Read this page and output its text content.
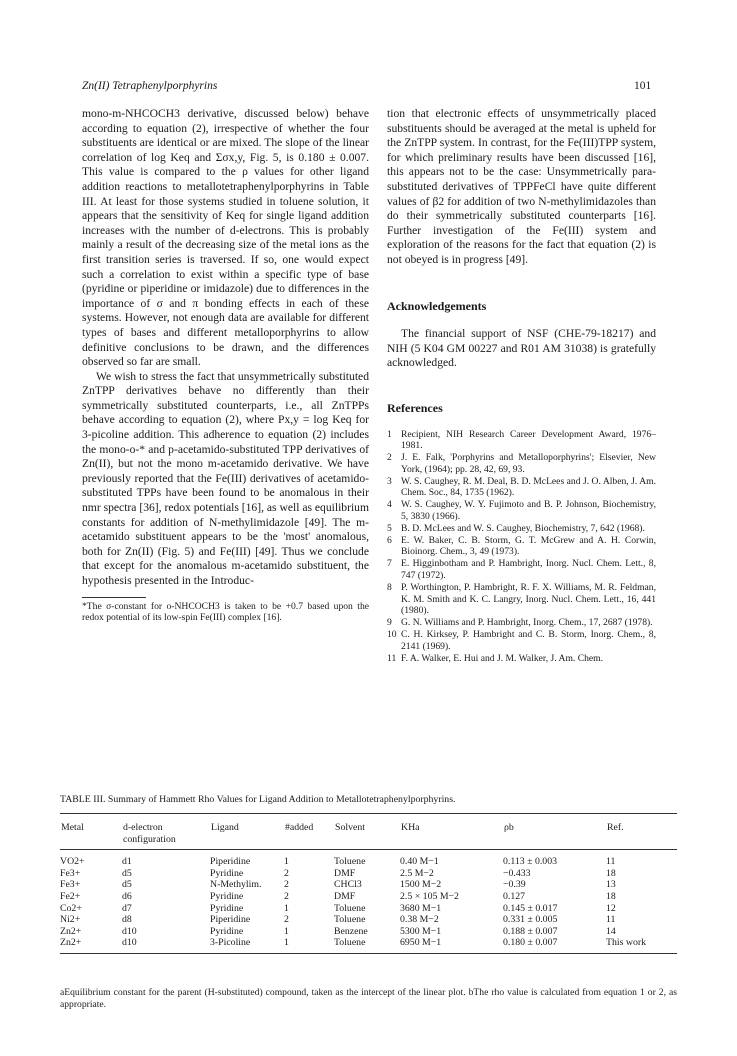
Zn(II) Tetraphenylporphyrins	101

mono-m-NHCOCH3 derivative, discussed below) behave according to equation (2), irrespective of whether the four substituents are identical or are mixed. The slope of the linear correlation of log Keq and Σσx,y, Fig. 5, is 0.180 ± 0.007. This value is compared to the ρ values for other ligand addition reactions to metallotetraphenylporphyrins in Table III. At least for those systems studied in toluene solution, it appears that the sensitivity of Keq for single ligand addition increases with the number of d-electrons. This is probably mainly a result of the decreasing size of the metal ions as the first transition series is traversed. If so, one would expect such a correlation to exist within a specific type of base (pyridine or piperidine or imidazole) due to differences in the importance of σ and π bonding effects in each of these systems. However, not enough data are available for different types of bases and different metalloporphyrins to allow definitive conclusions to be drawn, and the differences observed so far are small.

We wish to stress the fact that unsymmetrically substituted ZnTPP derivatives behave no differently than their symmetrically substituted counterparts, i.e., all ZnTPPs behave according to equation (2), where Px,y = log Keq for 3-picoline addition. This adherence to equation (2) includes the mono-o-* and p-acetamido-substituted TPP derivatives of Zn(II), but not the mono m-acetamido derivative. We have previously reported that the Fe(III) derivatives of acetamido-substituted TPPs have been found to be anomalous in their nmr spectra [36], redox potentials [16], as well as equilibrium constants for addition of N-methylimidazole [49]. The m-acetamido substituent appears to be the 'most' anomalous, both for Zn(II) (Fig. 5) and Fe(III) [49]. Thus we conclude that except for the anomalous m-acetamido substituent, the hypothesis presented in the Introduc-

*The σ-constant for o-NHCOCH3 is taken to be +0.7 based upon the redox potential of its low-spin Fe(III) complex [16].

tion that electronic effects of unsymmetrically placed substituents should be averaged at the metal is upheld for the ZnTPP system. In contrast, for the Fe(III)TPP system, for which preliminary results have been discussed [16], this appears not to be the case: Unsymmetrically para-substituted derivatives of TPPFeCl have quite different values of β2 for addition of two N-methylimidazoles than do their symmetrically substituted counterparts [16]. Further investigation of the Fe(III) system and exploration of the reasons for the fact that equation (2) is not obeyed is in progress [49].

Acknowledgements

The financial support of NSF (CHE-79-18217) and NIH (5 K04 GM 00227 and R01 AM 31038) is gratefully acknowledged.

References

1 Recipient, NIH Research Career Development Award, 1976–1981.
2 J. E. Falk, 'Porphyrins and Metalloporphyrins'; Elsevier, New York, (1964); pp. 28, 42, 69, 93.
3 W. S. Caughey, R. M. Deal, B. D. McLees and J. O. Alben, J. Am. Chem. Soc., 84, 1735 (1962).
4 W. S. Caughey, W. Y. Fujimoto and B. P. Johnson, Biochemistry, 5, 3830 (1966).
5 B. D. McLees and W. S. Caughey, Biochemistry, 7, 642 (1968).
6 E. W. Baker, C. B. Storm, G. T. McGrew and A. H. Corwin, Bioinorg. Chem., 3, 49 (1973).
7 E. Higginbotham and P. Hambright, Inorg. Nucl. Chem. Lett., 8, 747 (1972).
8 P. Worthington, P. Hambright, R. F. X. Williams, M. R. Feldman, K. M. Smith and K. C. Langry, Inorg. Nucl. Chem. Lett., 16, 441 (1980).
9 G. N. Williams and P. Hambright, Inorg. Chem., 17, 2687 (1978).
10 C. H. Kirksey, P. Hambright and C. B. Storm, Inorg. Chem., 8, 2141 (1969).
11 F. A. Walker, E. Hui and J. M. Walker, J. Am. Chem.
TABLE III. Summary of Hammett Rho Values for Ligand Addition to Metallotetraphenylporphyrins.
Metal	d-electron configuration	Ligand	#added	Solvent	KHa	ρb	Ref.
VO2+	d1	Piperidine	1	Toluene	0.40 M−1	0.113 ± 0.003	11
Fe3+	d5	Pyridine	2	DMF	2.5 M−2	−0.433	18
Fe3+	d5	N-Methylim.	2	CHCl3	1500 M−2	−0.39	13
Fe2+	d6	Pyridine	2	DMF	2.5 × 105 M−2	0.127	18
Co2+	d7	Pyridine	1	Toluene	3680 M−1	0.145 ± 0.017	12
Ni2+	d8	Piperidine	2	Toluene	0.38 M−2	0.331 ± 0.005	11
Zn2+	d10	Pyridine	1	Benzene	5300 M−1	0.188 ± 0.007	14
Zn2+	d10	3-Picoline	1	Toluene	6950 M−1	0.180 ± 0.007	This work
aEquilibrium constant for the parent (H-substituted) compound, taken as the intercept of the linear plot. bThe rho value is calculated from equation 1 or 2, as appropriate.
